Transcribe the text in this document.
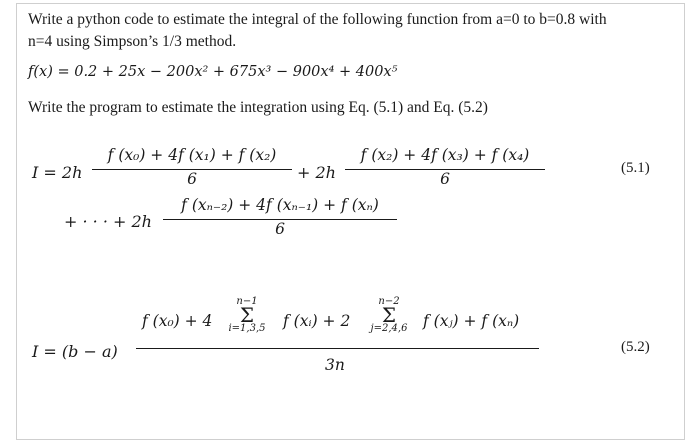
Write a python code to estimate the integral of the following function from a=0 to b=0.8 with
n=4 using Simpson’s 1/3 method.
f(x) = 0.2 + 25x − 200x² + 675x³ − 900x⁴ + 400x⁵
Write the program to estimate the integration using Eq. (5.1) and Eq. (5.2)
I = 2h
f (x₀) + 4f (x₁) + f (x₂)
6	+ 2h
f (x₂) + 4f (x₃) + f (x₄)
6
+ · · · + 2h
f (xₙ₋₂) + 4f (xₙ₋₁) + f (xₙ)
6
(5.1)
I = (b − a)
f (x₀) + 4
n−1
Σ
i=1,3,5 f (xᵢ) + 2
n−2
Σ
j=2,4,6	f (xⱼ) + f (xₙ)
3n
(5.2)
